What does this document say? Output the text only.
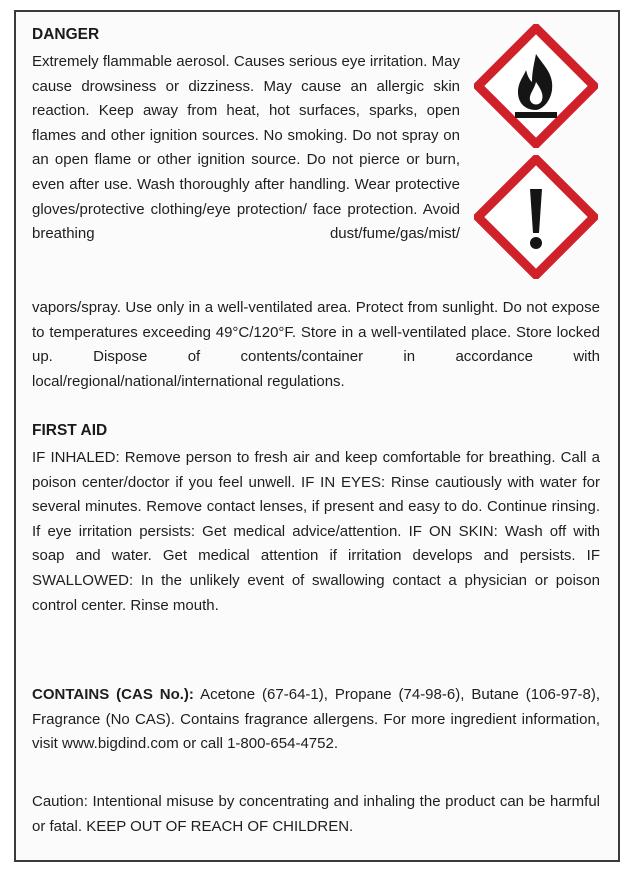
DANGER

Extremely flammable aerosol. Causes serious eye irritation. May cause drowsiness or dizziness. May cause an allergic skin reaction. Keep away from heat, hot surfaces, sparks, open flames and other ignition sources. No smoking. Do not spray on an open flame or other ignition source. Do not pierce or burn, even after use. Wash thoroughly after handling. Wear protective gloves/protective clothing/eye protection/ face protection. Avoid breathing dust/fume/gas/mist/

vapors/spray. Use only in a well-ventilated area. Protect from sunlight. Do not expose to temperatures exceeding 49°C/120°F. Store in a well-ventilated place. Store locked up. Dispose of contents/container in accordance with local/regional/national/international regulations.

FIRST AID

IF INHALED: Remove person to fresh air and keep comfortable for breathing. Call a poison center/doctor if you feel unwell. IF IN EYES: Rinse cautiously with water for several minutes. Remove contact lenses, if present and easy to do. Continue rinsing. If eye irritation persists: Get medical advice/attention. IF ON SKIN: Wash off with soap and water. Get medical attention if irritation develops and persists. IF SWALLOWED: In the unlikely event of swallowing contact a physician or poison control center. Rinse mouth.

CONTAINS (CAS No.): Acetone (67-64-1), Propane (74-98-6), Butane (106-97-8), Fragrance (No CAS). Contains fragrance allergens. For more ingredient information, visit www.bigdind.com or call 1-800-654-4752.

Caution: Intentional misuse by concentrating and inhaling the product can be harmful or fatal. KEEP OUT OF REACH OF CHILDREN.
